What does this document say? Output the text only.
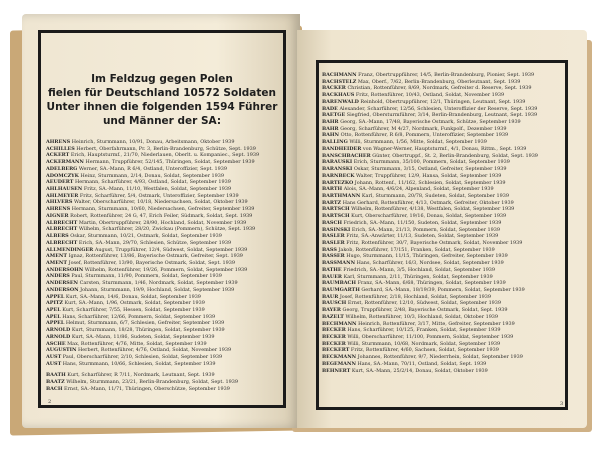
Im Feldzug gegen Polen
fielen für Deutschland 10572 Soldaten
Unter ihnen die folgenden 1594 Führer
und Männer der SA:
AHRENS Heinrich, Sturmmann, 10/91, Donau, Arbeitsmann, Oktober 1939
ACHILLES Herbert, Oberfahrmann, Pr. 3, Berlin-Brandenburg, Schütze, Sept. 1939
ACKERT Erich, Hauptsturmf., 21/70, Niederlauen, Oberlt. u. Kompaniec., Sept. 1939
ACKERMANN Hermann, Truppführer, 52/145, Thüringen, Soldat, September 1939
ADELBERG Werner, SA.-Mann, R 6/4, Ostland, Unteroffizier, Sept. 1939
ADOMCZYK Heinz, Sturmmann, 2/14, Donau, Soldat, September 1939
AEUDERT Hermann, Scharführer, 4/93, Ostland, Soldat, September 1939
AHLHAUSEN Fritz, SA.-Mann, 11/10, Westfalen, Soldat, September 1939
AHLMEYER Fritz, Scharführer, 5/4, Ostmark, Unteroffizier, September 1939
AHLVERS Walter, Oberscharführer, 10/18, Niedersachsen, Soldat, Oktober 1939
AHRENS Hermann, Sturmmann, 10/60, Niedersachsen, Gefreiter, September 1939
AIGNER Robert, Rottenführer, 24 G, 47, Erich Feiler, Südmark, Soldat, Sept. 1939
ALBRECHT Martin, Obertruppführer, 28/90, Hochland, Soldat, November 1939
ALBRECHT Wilhelm, Scharführer, 28/20, Zwickau (Pommern), Schütze, Sept. 1939
ALBERS Oskar, Sturmmann, 10/21, Ostmark, Soldat, September 1939
ALBRECHT Erich, SA.-Mann, 29/70, Schlesien, Schütze, September 1939
ALLMENDINGER August, Truppführer, 12/4, Südwest, Soldat, September 1939
AMENT Ignaz, Rottenführer, 13/86, Bayerische Ostmark, Gefreiter, Sept. 1939
AMENT Josef, Rottenführer, 13/90, Bayerische Ostmark, Soldat, Sept. 1939
ANDERSOHN Wilhelm, Rottenführer, 19/26, Pommern, Soldat, September 1939
ANDERS Paul, Sturmmann, 11/90, Pommern, Soldat, September 1939
ANDERSEN Carsten, Sturmmann, 1/46, Nordmark, Soldat, September 1939
ANDERSON Johann, Sturmmann, 19/9, Hochland, Soldat, September 1939
APPEL Kurt, SA.-Mann, 14/6, Donau, Soldat, September 1939
APITZ Kurt, SA.-Mann, 1/96, Ostmark, Soldat, September 1939
APEL Kurt, Scharführer, 7/55, Hessen, Soldat, September 1939
APEL Hans, Scharführer, 12/66, Pommern, Soldat, September 1939
APPEL Helmut, Sturmmann, 6/7, Schlesien, Gefreiter, September 1939
ARNOLD Kurt, Sturmmann, 18/28, Thüringen, Soldat, September 1939
ARNOLD Kurt, SA.-Mann, 11/86, Sudeten, Soldat, September 1939
ASCHE Max, Rottenführer, 4/76, Mitte, Soldat, September 1939
AUGUSTIN Herbert, Rottenführer, 4/76, Ostland, Soldat, November 1939
AUST Paul, Oberscharführer, 2/10, Schlesien, Soldat, September 1939
AUST Hans, Sturmmann, 10/66, Schlesien, Soldat, September 1939
BAATH Kurt, Scharführer, R 7/11, Nordmark, Leutnant, Sept. 1939
BAATZ Wilhelm, Sturmmann, 23/21, Berlin-Brandenburg, Soldat, Sept. 1939
BACH Ernst, SA.-Mann, 11/71, Thüringen, Oberschütze, September 1939
BACHMANN Franz, Obertruppführer, 14/5, Berlin-Brandenburg, Pionier, Sept. 1939
BACHSTELZ Max, Oberf., 7/62, Berlin-Brandenburg, Oberleutnant, Sept. 1939
BÄCKER Christian, Rottenführer, 8/69, Nordmark, Gefreiter d. Reserve, Sept. 1939
BACKHAUS Fritz, Rottenführer, 10/43, Ostland, Soldat, November 1939
BÄRENWALD Reinhold, Obertruppführer, 12/1, Thüringen, Leutnant, Sept. 1939
BADE Alexander, Scharführer, 12/56, Schlesien, Unteroffizier der Reserve, Sept. 1939
BAETGE Siegfried, Obersturmführer, 3/14, Berlin-Brandenburg, Leutnant, Sept. 1939
BAHR Georg, SA.-Mann, 17/48, Bayerische Ostmark, Schütze, September 1939
BAHR Georg, Scharführer, M 4/27, Nordmark, Funkpolf., Dezember 1939
BAHN Otto, Rottenführer, R 6/8, Pommern, Unteroffizier, September 1939
BALLING Willi, Sturmmann, 1/56, Mitte, Soldat, September 1939
BANDHEIDER von Wagner-Werner, Hauptsturmf., 4/1, Donau, Rittm., Sept. 1939
BANSCHBACHER Günter, Obertruppf., St. 2, Berlin-Brandenburg, Soldat, Sept. 1939
BARAUSKI Erich, Sturmmann, 35/100, Pommern, Soldat, September 1939
BARANSKI Oskar, Sturmmann, 3/15, Ostland, Gefreiter, September 1939
BARNBECK Walter, Truppführer, 12/9, Hansa, Soldat, September 1939
BARTEZKO Johann, Rottenf., 11/162, Schlesien, Soldat, September 1939
BARTH Alois, SA.-Mann, 4/6/24, Alpenland, Soldat, September 1939
BARTHMANN Karl, Sturmmann, 20/78, Sudeten, Soldat, September 1939
BARTZ Hans Gerhard, Rottenführer, 4/13, Ostmark, Gefreiter, Oktober 1939
BARTSCH Wilhelm, Rottenführer, 4/138, Westfalen, Soldat, September 1939
BARTSCH Kurt, Oberscharführer, 19/16, Donau, Soldat, September 1939
BASCH Friedrich, SA.-Mann, 11/150, Sudeten, Soldat, September 1939
BASINSKI Erich, SA.-Mann, 21/13, Pommern, Soldat, September 1939
BASLER Fritz, SA.-Anwärter, 11/13, Sudeten, Soldat, September 1939
BASLER Fritz, Rottenführer, 30/7, Bayerische Ostmark, Soldat, November 1939
BASS Jakob, Rottenführer, 17/151, Franken, Soldat, September 1939
BASSER Hugo, Sturmmann, 11/15, Thüringen, Gefreiter, September 1939
BASSMANN Hans, Scharführer, 16/3, Nordsee, Soldat, September 1939
BATHE Friedrich, SA.-Mann, 3/5, Hochland, Soldat, September 1939
BAUER Karl, Sturmmann, 2/11, Thüringen, Soldat, September 1939
BAUMBACH Franz, SA.-Mann, 6/68, Thüringen, Soldat, September 1939
BAUMGARTH Gerhard, SA.-Mann, 18/19/39, Pommern, Soldat, September 1939
BAUR Josef, Rottenführer, 2/18, Hochland, Soldat, September 1939
BAUSCH Ernst, Rottenführer, 12/10, Südwest, Soldat, September 1939
BAYER Georg, Truppführer, 2/48, Bayerische Ostmark, Soldat, Sept. 1939
BAZELT Wilhelm, Rottenführer, 10/3, Hochland, Soldat, Oktober 1939
BECHMANN Heinrich, Rottenführer, 3/17, Mitte, Gefreiter, September 1939
BECKER Hans, Scharführer, 10/125, Franken, Soldat, September 1939
BECKER Willi, Oberscharführer, 11/100, Pommern, Soldat, September 1939
BECKER Willi, Sturmmann, 10/68, Nordmark, Soldat, September 1939
BECKERT Fritz, Rottenführer, 4/60, Sachsen, Soldat, September 1939
BECKMANN Johannes, Rottenführer, 9/7, Niederrhein, Soldat, September 1939
BEGEMANN Hans, SA.-Mann, 70/11, Ostland, Soldat, Sept. 1939
BEHNERT Kurt, SA.-Mann, 25/2/14, Donau, Soldat, Oktober 1939
2	3
